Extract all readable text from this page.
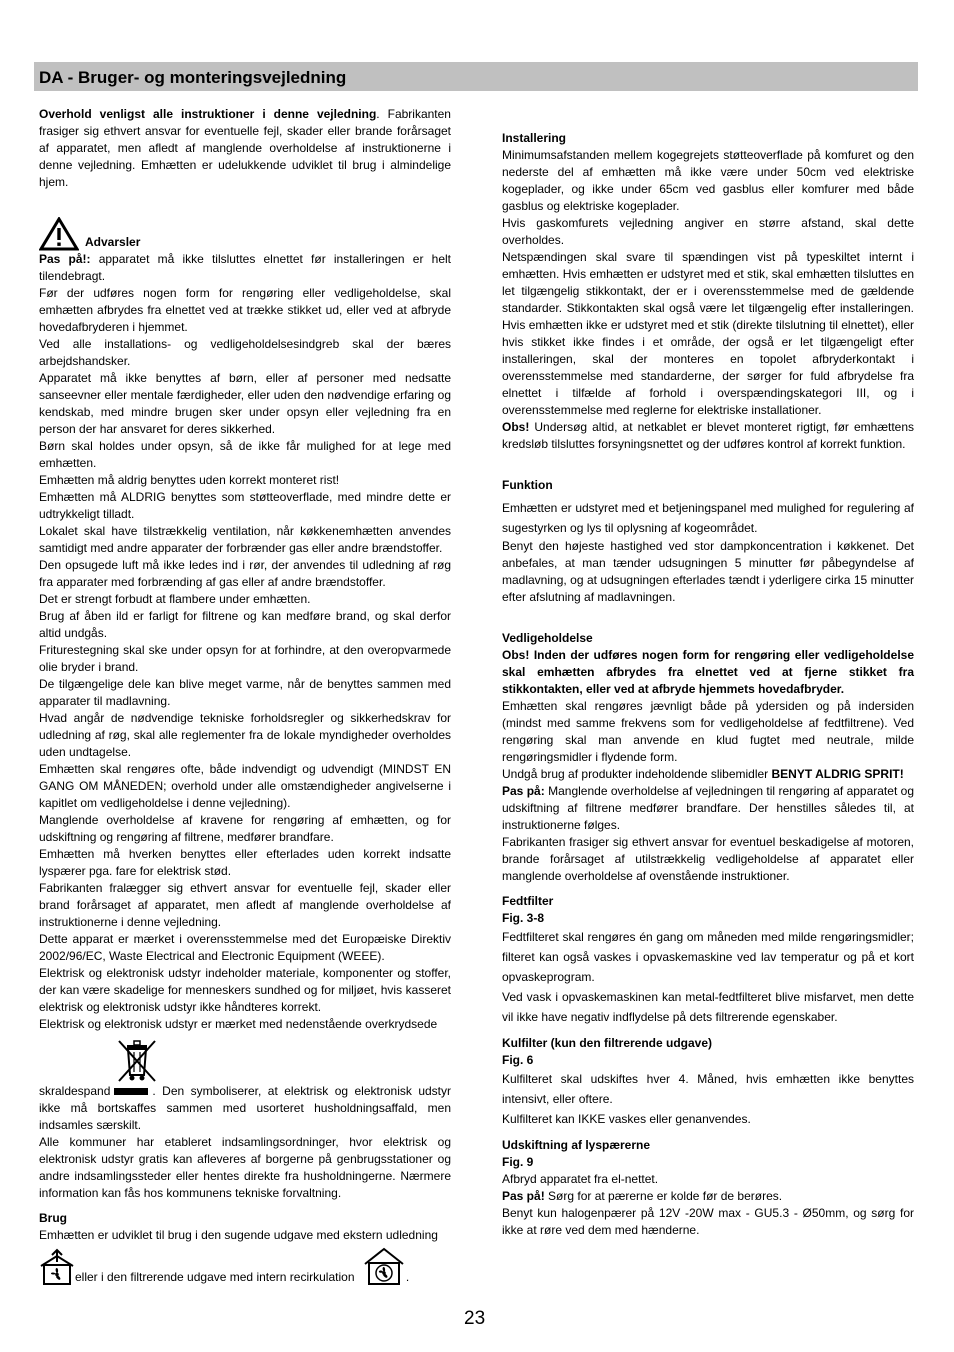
DA - Bruger- og monteringsvejledning

Overhold venligst alle instruktioner i denne vejledning. Fabrikanten frasiger sig ethvert ansvar for eventuelle fejl, skader eller brande forårsaget af apparatet, men afledt af manglende overholdelse af instruktionerne i denne vejledning. Emhætten er udelukkende udviklet til brug i almindelige hjem.

Advarsler

Pas på!: apparatet må ikke tilsluttes elnettet før installeringen er helt tilendebragt.

Før der udføres nogen form for rengøring eller vedligeholdelse, skal emhætten afbrydes fra elnettet ved at trække stikket ud, eller ved at afbryde hovedafbryderen i hjemmet.

Ved alle installations- og vedligeholdelsesindgreb skal der bæres arbejdshandsker.

Apparatet må ikke benyttes af børn, eller af personer med nedsatte sanseevner eller mentale færdigheder, eller uden den nødvendige erfaring og kendskab, med mindre brugen sker under opsyn eller vejledning fra en person der har ansvaret for deres sikkerhed.

Børn skal holdes under opsyn, så de ikke får mulighed for at lege med emhætten.

Emhætten må aldrig benyttes uden korrekt monteret rist!

Emhætten må ALDRIG benyttes som støtteoverflade, med mindre dette er udtrykkeligt tilladt.

Lokalet skal have tilstrækkelig ventilation, når køkkenemhætten anvendes samtidigt med andre apparater der forbrænder gas eller andre brændstoffer.

Den opsugede luft må ikke ledes ind i rør, der anvendes til udledning af røg fra apparater med forbrænding af gas eller af andre brændstoffer.

Det er strengt forbudt at flambere under emhætten.

Brug af åben ild er farligt for filtrene og kan medføre brand, og skal derfor altid undgås.

Friturestegning skal ske under opsyn for at forhindre, at den overopvarmede olie bryder i brand.

De tilgængelige dele kan blive meget varme, når de benyttes sammen med apparater til madlavning.

Hvad angår de nødvendige tekniske forholdsregler og sikkerhedskrav for udledning af røg, skal alle reglementer fra de lokale myndigheder overholdes uden undtagelse.

Emhætten skal rengøres ofte, både indvendigt og udvendigt (MINDST EN GANG OM MÅNEDEN; overhold under alle omstændigheder angivelserne i kapitlet om vedligeholdelse i denne vejledning).

Manglende overholdelse af kravene for rengøring af emhætten, og for udskiftning og rengøring af filtrene, medfører brandfare.

Emhætten må hverken benyttes eller efterlades uden korrekt indsatte lyspærer pga. fare for elektrisk stød.

Fabrikanten fralægger sig ethvert ansvar for eventuelle fejl, skader eller brand forårsaget af apparatet, men afledt af manglende overholdelse af instruktionerne i denne vejledning.

Dette apparat er mærket i overensstemmelse med det Europæiske Direktiv 2002/96/EC, Waste Electrical and Electronic Equipment (WEEE).

Elektrisk og elektronisk udstyr indeholder materiale, komponenter og stoffer, der kan være skadelige for menneskers sundhed og for miljøet, hvis kasseret elektrisk og elektronisk udstyr ikke håndteres korrekt.

Elektrisk og elektronisk udstyr er mærket med nedenstående overkrydsede

skraldespand	. Den symboliserer, at elektrisk og elektronisk udstyr ikke må bortskaffes sammen med usorteret husholdningsaffald, men indsamles særskilt.

Alle kommuner har etableret indsamlingsordninger, hvor elektrisk og elektronisk udstyr gratis kan afleveres af borgerne på genbrugsstationer og andre indsamlingssteder eller hentes direkte fra husholdningerne. Nærmere information kan fås hos kommunens tekniske forvaltning.

Brug

Emhætten er udviklet til brug i den sugende udgave med ekstern udledning

eller i den filtrerende udgave med intern recirkulation	.

Installering

Minimumsafstanden mellem kogegrejets støtteoverflade på komfuret og den nederste del af emhætten må ikke være under 50cm ved elektriske kogeplader, og ikke under 65cm ved gasblus eller komfurer med både gasblus og elektriske kogeplader.

Hvis gaskomfurets vejledning angiver en større afstand, skal dette overholdes.

Netspændingen skal svare til spændingen vist på typeskiltet internt i emhætten. Hvis emhætten er udstyret med et stik, skal emhætten tilsluttes en let tilgængelig stikkontakt, der er i overensstemmelse med de gældende standarder. Stikkontakten skal også være let tilgængelig efter installeringen. Hvis emhætten ikke er udstyret med et stik (direkte tilslutning til elnettet), eller hvis stikket ikke findes i et område, der også er let tilgængeligt efter installeringen, skal der monteres en topolet afbryderkontakt i overensstemmelse med standarderne, der sørger for fuld afbrydelse fra elnettet i tilfælde af forhold i overspændingskategori III, og i overensstemmelse med reglerne for elektriske installationer.

Obs! Undersøg altid, at netkablet er blevet monteret rigtigt, før emhættens kredsløb tilsluttes forsyningsnettet og der udføres kontrol af korrekt funktion.

Funktion

Emhætten er udstyret med et betjeningspanel med mulighed for regulering af sugestyrken og lys til oplysning af kogeområdet.

Benyt den højeste hastighed ved stor dampkoncentration i køkkenet. Det anbefales, at man tænder udsugningen 5 minutter før påbegyndelse af madlavning, og at udsugningen efterlades tændt i yderligere cirka 15 minutter efter afslutning af madlavningen.

Vedligeholdelse

Obs! Inden der udføres nogen form for rengøring eller vedligeholdelse skal emhætten afbrydes fra elnettet ved at fjerne stikket fra stikkontakten, eller ved at afbryde hjemmets hovedafbryder.

Emhætten skal rengøres jævnligt både på ydersiden og på indersiden (mindst med samme frekvens som for vedligeholdelse af fedtfiltrene). Ved rengøring skal man anvende en klud fugtet med neutrale, milde rengøringsmidler i flydende form.

Undgå brug af produkter indeholdende slibemidler BENYT ALDRIG SPRIT!

Pas på: Manglende overholdelse af vejledningen til rengøring af apparatet og udskiftning af filtrene medfører brandfare. Der henstilles således til, at instruktionerne følges.

Fabrikanten frasiger sig ethvert ansvar for eventuel beskadigelse af motoren, brande forårsaget af utilstrækkelig vedligeholdelse af apparatet eller manglende overholdelse af ovenstående instruktioner.

Fedtfilter

Fig. 3-8

Fedtfilteret skal rengøres én gang om måneden med milde rengøringsmidler; filteret kan også vaskes i opvaskemaskine ved lav temperatur og på et kort opvaskeprogram.

Ved vask i opvaskemaskinen kan metal-fedtfilteret blive misfarvet, men dette vil ikke have negativ indflydelse på dets filtrerende egenskaber.

Kulfilter (kun den filtrerende udgave)

Fig. 6

Kulfilteret skal udskiftes hver 4. Måned, hvis emhætten ikke benyttes intensivt, eller oftere.

Kulfilteret kan IKKE vaskes eller genanvendes.

Udskiftning af lyspærerne

Fig. 9

Afbryd apparatet fra el-nettet.

Pas på! Sørg for at pærerne er kolde før de berøres.

Benyt kun halogenpærer på 12V -20W max - GU5.3 - Ø50mm, og sørg for ikke at røre ved dem med hænderne.

23
